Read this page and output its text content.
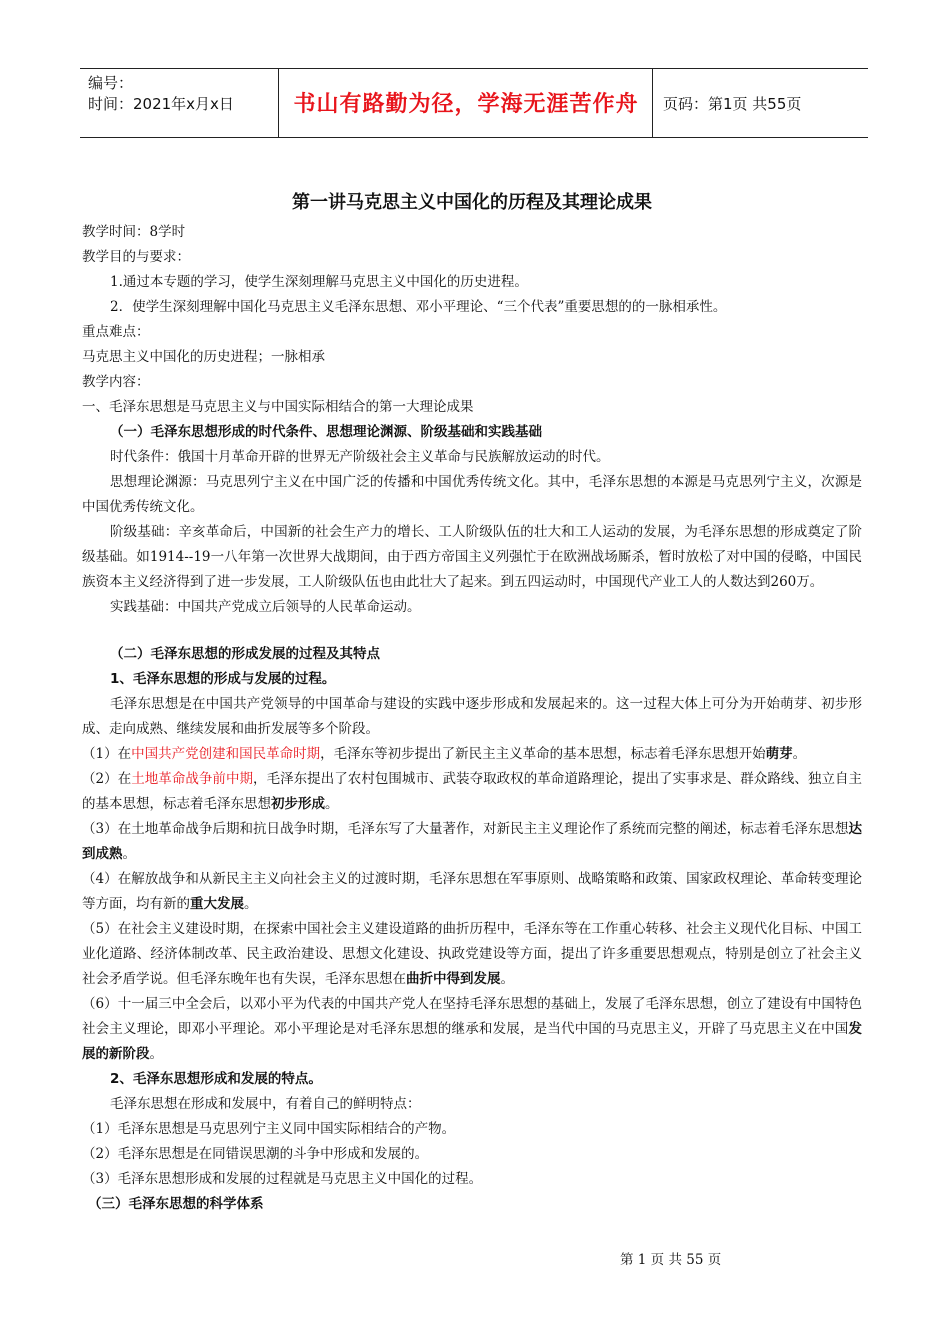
编号：
时间：2021年x月x日	书山有路勤为径，学海无涯苦作舟	页码：第1页 共55页
第一讲马克思主义中国化的历程及其理论成果

教学时间：8学时

教学目的与要求：

1.通过本专题的学习，使学生深刻理解马克思主义中国化的历史进程。

2．使学生深刻理解中国化马克思主义毛泽东思想、邓小平理论、“三个代表”重要思想的的一脉相承性。

重点难点：

马克思主义中国化的历史进程；一脉相承

教学内容：

一、毛泽东思想是马克思主义与中国实际相结合的第一大理论成果

（一）毛泽东思想形成的时代条件、思想理论渊源、阶级基础和实践基础

时代条件：俄国十月革命开辟的世界无产阶级社会主义革命与民族解放运动的时代。

思想理论渊源：马克思列宁主义在中国广泛的传播和中国优秀传统文化。其中，毛泽东思想的本源是马克思列宁主义，次源是中国优秀传统文化。

阶级基础：辛亥革命后，中国新的社会生产力的增长、工人阶级队伍的壮大和工人运动的发展，为毛泽东思想的形成奠定了阶级基础。如1914--19一八年第一次世界大战期间，由于西方帝国主义列强忙于在欧洲战场厮杀，暂时放松了对中国的侵略，中国民族资本主义经济得到了进一步发展，工人阶级队伍也由此壮大了起来。到五四运动时，中国现代产业工人的人数达到260万。

实践基础：中国共产党成立后领导的人民革命运动。

（二）毛泽东思想的形成发展的过程及其特点

1、毛泽东思想的形成与发展的过程。

毛泽东思想是在中国共产党领导的中国革命与建设的实践中逐步形成和发展起来的。这一过程大体上可分为开始萌芽、初步形成、走向成熟、继续发展和曲折发展等多个阶段。

（1）在中国共产党创建和国民革命时期，毛泽东等初步提出了新民主主义革命的基本思想，标志着毛泽东思想开始萌芽。

（2）在土地革命战争前中期，毛泽东提出了农村包围城市、武装夺取政权的革命道路理论，提出了实事求是、群众路线、独立自主的基本思想，标志着毛泽东思想初步形成。

（3）在土地革命战争后期和抗日战争时期，毛泽东写了大量著作，对新民主主义理论作了系统而完整的阐述，标志着毛泽东思想达到成熟。

（4）在解放战争和从新民主主义向社会主义的过渡时期，毛泽东思想在军事原则、战略策略和政策、国家政权理论、革命转变理论等方面，均有新的重大发展。

（5）在社会主义建设时期，在探索中国社会主义建设道路的曲折历程中，毛泽东等在工作重心转移、社会主义现代化目标、中国工业化道路、经济体制改革、民主政治建设、思想文化建设、执政党建设等方面，提出了许多重要思想观点，特别是创立了社会主义社会矛盾学说。但毛泽东晚年也有失误，毛泽东思想在曲折中得到发展。

（6）十一届三中全会后，以邓小平为代表的中国共产党人在坚持毛泽东思想的基础上，发展了毛泽东思想，创立了建设有中国特色社会主义理论，即邓小平理论。邓小平理论是对毛泽东思想的继承和发展，是当代中国的马克思主义，开辟了马克思主义在中国发展的新阶段。

2、毛泽东思想形成和发展的特点。

毛泽东思想在形成和发展中，有着自己的鲜明特点：

（1）毛泽东思想是马克思列宁主义同中国实际相结合的产物。

（2）毛泽东思想是在同错误思潮的斗争中形成和发展的。

（3）毛泽东思想形成和发展的过程就是马克思主义中国化的过程。

（三）毛泽东思想的科学体系

第 1 页 共 55 页
